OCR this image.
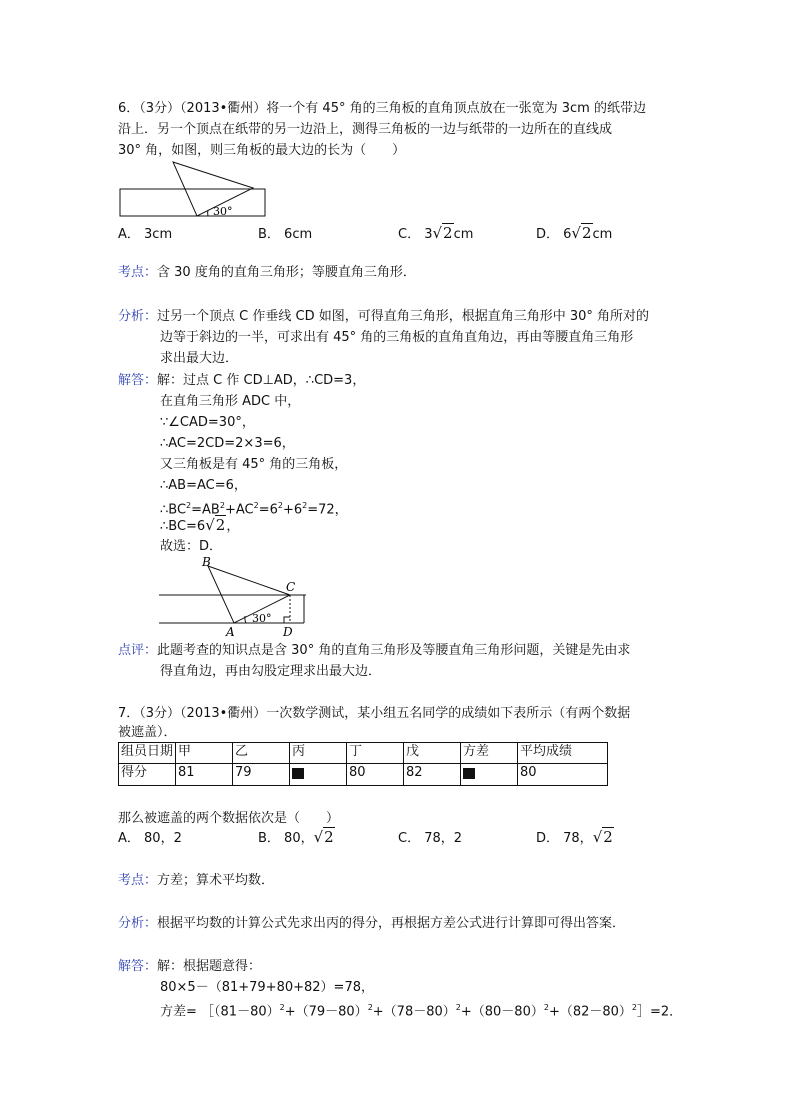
6．（3分）（2013•衢州）将一个有 45° 角的三角板的直角顶点放在一张宽为 3cm 的纸带边
沿上．另一个顶点在纸带的另一边沿上，测得三角板的一边与纸带的一边所在的直线成
30° 角，如图，则三角板的最大边的长为（　　）
30°
A． 3cm	B． 6cm	C． 3√2cm	D． 6√2cm
考点：含 30 度角的直角三角形；等腰直角三角形．
分析：过另一个顶点 C 作垂线 CD 如图，可得直角三角形，根据直角三角形中 30° 角所对的
边等于斜边的一半，可求出有 45° 角的三角板的直角直角边，再由等腰直角三角形
求出最大边．
解答：解：过点 C 作 CD⊥AD，∴CD=3，
在直角三角形 ADC 中，
∵∠CAD=30°，
∴AC=2CD=2×3=6，
又三角板是有 45° 角的三角板，
∴AB=AC=6，
$\therefore BC^2=AB^2+AC^2=6^2+6^2=72$，
∴BC=6√2，
故选：D．
B
C
A	D
30°
点评：此题考查的知识点是含 30° 角的直角三角形及等腰直角三角形问题，关键是先由求
得直角边，再由勾股定理求出最大边．
7．（3分）（2013•衢州）一次数学测试，某小组五名同学的成绩如下表所示（有两个数据
被遮盖）．
组员日期	甲	乙	丙	丁	戊	方差	平均成绩
得分	81	79		80	82		80
那么被遮盖的两个数据依次是（　　）
A． 80，2	B． 80，√2	C． 78，2	D． 78，√2
考点：方差；算术平均数．
分析：根据平均数的计算公式先求出丙的得分，再根据方差公式进行计算即可得出答案．
解答：解：根据题意得：
80×5－（81+79+80+82）=78，
方差= $[(81-80)^2+(79-80)^2+(78-80)^2+(80-80)^2+(82-80)^2]=2$．
